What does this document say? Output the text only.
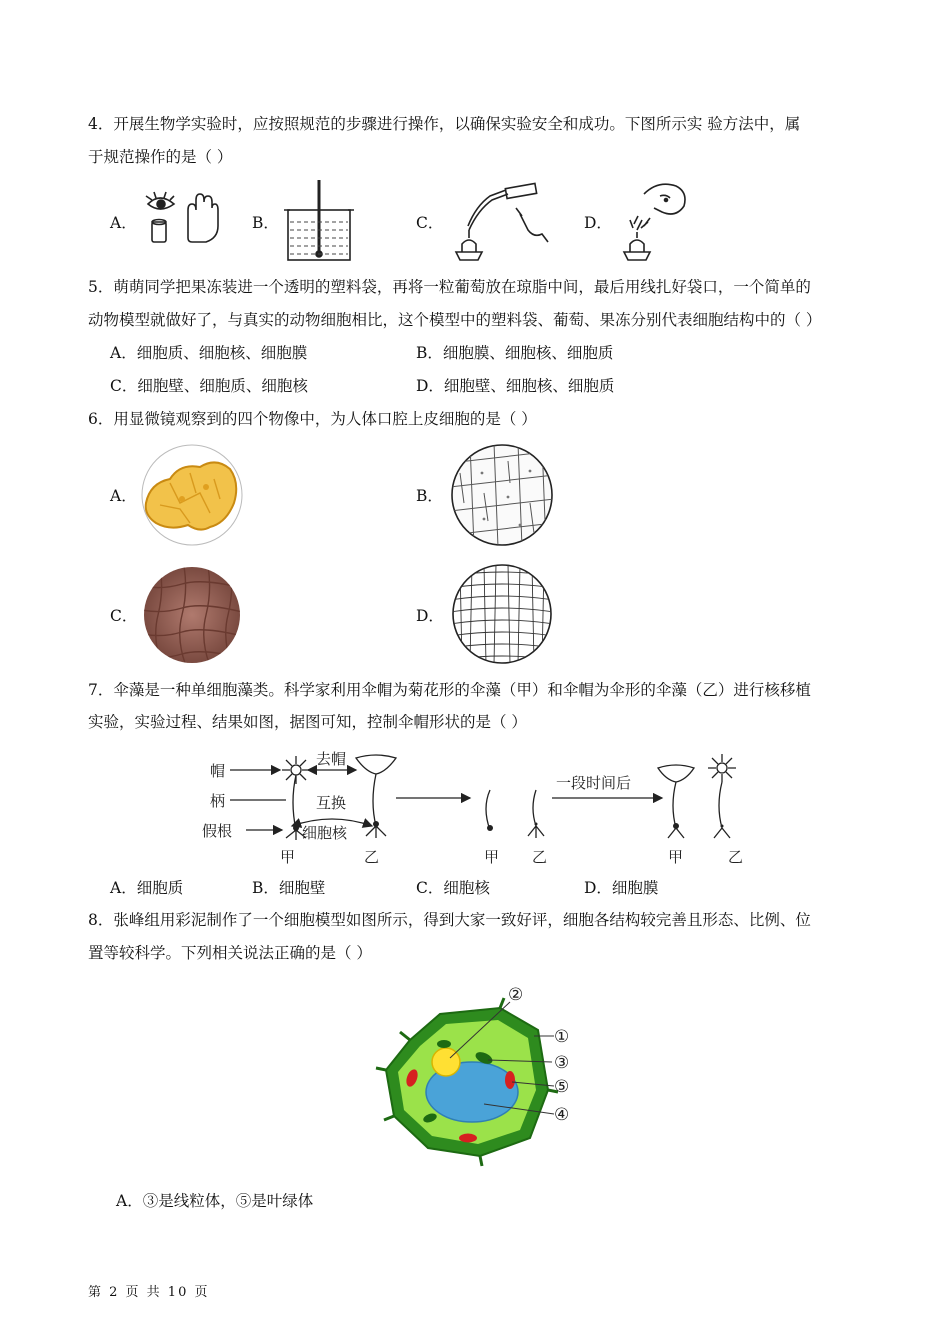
4．开展生物学实验时，应按照规范的步骤进行操作，以确保实验安全和成功。下图所示实 验方法中，属
于规范操作的是（ ）
A．	B．	C．	D．
5．萌萌同学把果冻装进一个透明的塑料袋，再将一粒葡萄放在琼脂中间，最后用线扎好袋口，一个简单的
动物模型就做好了，与真实的动物细胞相比，这个模型中的塑料袋、葡萄、果冻分别代表细胞结构中的（ ）
A．细胞质、细胞核、细胞膜	B．细胞膜、细胞核、细胞质
C．细胞壁、细胞质、细胞核	D．细胞壁、细胞核、细胞质
6．用显微镜观察到的四个物像中，为人体口腔上皮细胞的是（ ）
A．	B．
C．	D．
7．伞藻是一种单细胞藻类。科学家利用伞帽为菊花形的伞藻（甲）和伞帽为伞形的伞藻（乙）进行核移植
实验，实验过程、结果如图，据图可知，控制伞帽形状的是（ ）
帽
柄
假根
去帽
互换
细胞核
一段时间后
甲	乙	甲 乙	甲	乙
A．细胞质	B．细胞壁	C．细胞核	D．细胞膜
8．张峰组用彩泥制作了一个细胞模型如图所示，得到大家一致好评，细胞各结构较完善且形态、比例、位
置等较科学。下列相关说法正确的是（ ）
②
①
③
⑤
④
A．③是线粒体，⑤是叶绿体
第 2 页 共 10 页
